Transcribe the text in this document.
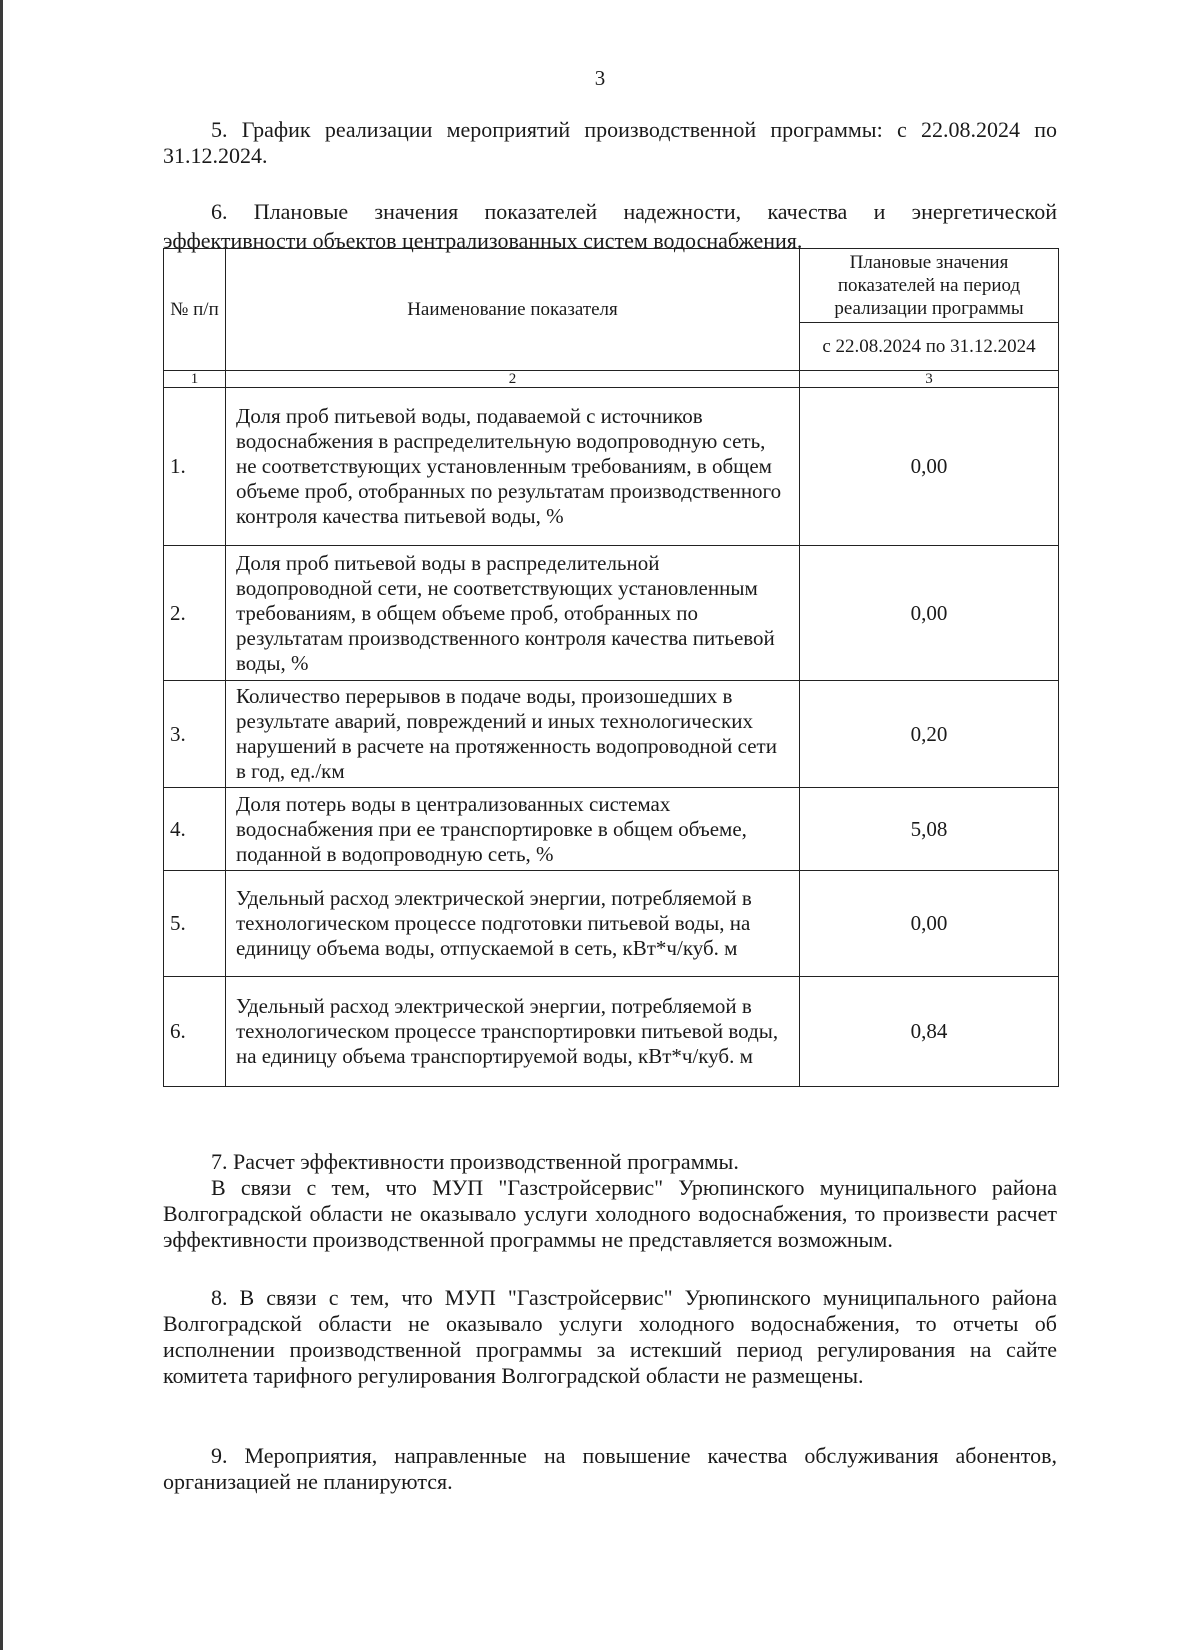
3

5. График реализации мероприятий производственной программы: с 22.08.2024 по 31.12.2024.

6. Плановые значения показателей надежности, качества и энергетической эффективности объектов централизованных систем водоснабжения.

№ п/п	Наименование показателя	Плановые значения показателей на период реализации программы
		с 22.08.2024 по 31.12.2024
1	2	3
1.	Доля проб питьевой воды, подаваемой с источников водоснабжения в распределительную водопроводную сеть, не соответствующих установленным требованиям, в общем объеме проб, отобранных по результатам производственного контроля качества питьевой воды, %	0,00
2.	Доля проб питьевой воды в распределительной водопроводной сети, не соответствующих установленным требованиям, в общем объеме проб, отобранных по результатам производственного контроля качества питьевой воды, %	0,00
3.	Количество перерывов в подаче воды, произошедших в результате аварий, повреждений и иных технологических нарушений в расчете на протяженность водопроводной сети в год, ед./км	0,20
4.	Доля потерь воды в централизованных системах водоснабжения при ее транспортировке в общем объеме, поданной в водопроводную сеть, %	5,08
5.	Удельный расход электрической энергии, потребляемой в технологическом процессе подготовки питьевой воды, на единицу объема воды, отпускаемой в сеть, кВт*ч/куб. м	0,00
6.	Удельный расход электрической энергии, потребляемой в технологическом процессе транспортировки питьевой воды, на единицу объема транспортируемой воды, кВт*ч/куб. м	0,84

7. Расчет эффективности производственной программы.

В связи с тем, что МУП "Газстройсервис" Урюпинского муниципального района Волгоградской области не оказывало услуги холодного водоснабжения, то произвести расчет эффективности производственной программы не представляется возможным.

8. В связи с тем, что МУП "Газстройсервис" Урюпинского муниципального района Волгоградской области не оказывало услуги холодного водоснабжения, то отчеты об исполнении производственной программы за истекший период регулирования на сайте комитета тарифного регулирования Волгоградской области не размещены.

9. Мероприятия, направленные на повышение качества обслуживания абонентов, организацией не планируются.
